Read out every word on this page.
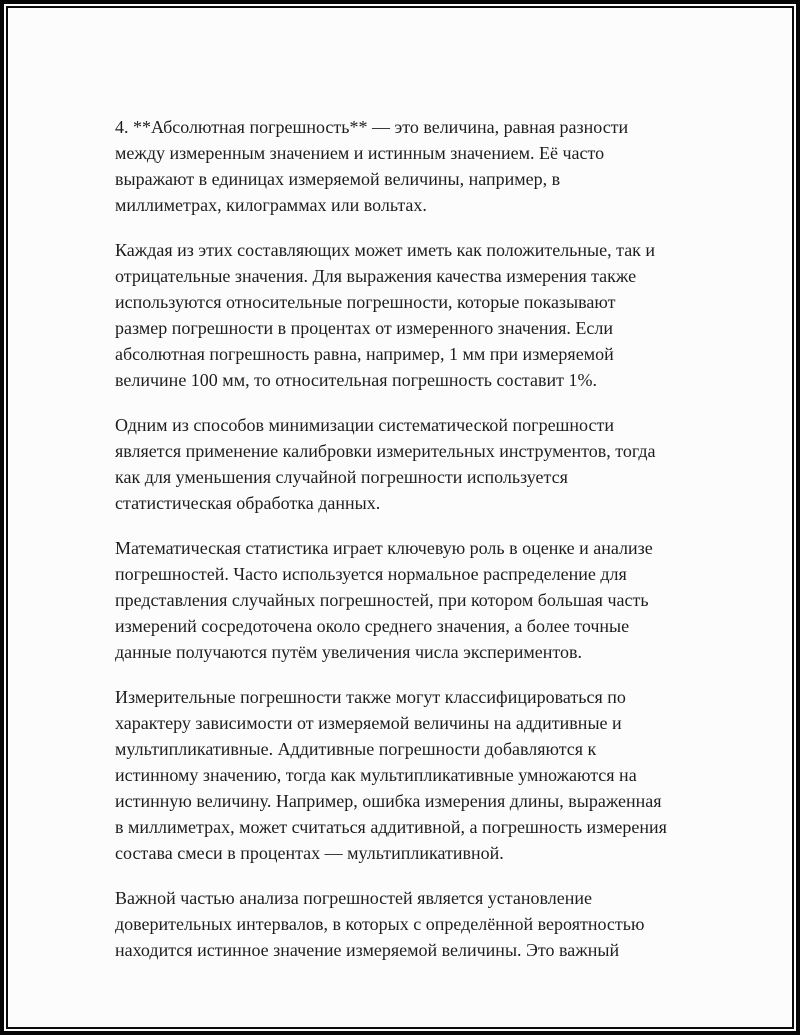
4. **Абсолютная погрешность** — это величина, равная разности
между измеренным значением и истинным значением. Её часто
выражают в единицах измеряемой величины, например, в
миллиметрах, килограммах или вольтах.

Каждая из этих составляющих может иметь как положительные, так и
отрицательные значения. Для выражения качества измерения также
используются относительные погрешности, которые показывают
размер погрешности в процентах от измеренного значения. Если
абсолютная погрешность равна, например, 1 мм при измеряемой
величине 100 мм, то относительная погрешность составит 1%.

Одним из способов минимизации систематической погрешности
является применение калибровки измерительных инструментов, тогда
как для уменьшения случайной погрешности используется
статистическая обработка данных.

Математическая статистика играет ключевую роль в оценке и анализе
погрешностей. Часто используется нормальное распределение для
представления случайных погрешностей, при котором большая часть
измерений сосредоточена около среднего значения, а более точные
данные получаются путём увеличения числа экспериментов.

Измерительные погрешности также могут классифицироваться по
характеру зависимости от измеряемой величины на аддитивные и
мультипликативные. Аддитивные погрешности добавляются к
истинному значению, тогда как мультипликативные умножаются на
истинную величину. Например, ошибка измерения длины, выраженная
в миллиметрах, может считаться аддитивной, а погрешность измерения
состава смеси в процентах — мультипликативной.

Важной частью анализа погрешностей является установление
доверительных интервалов, в которых с определённой вероятностью
находится истинное значение измеряемой величины. Это важный
